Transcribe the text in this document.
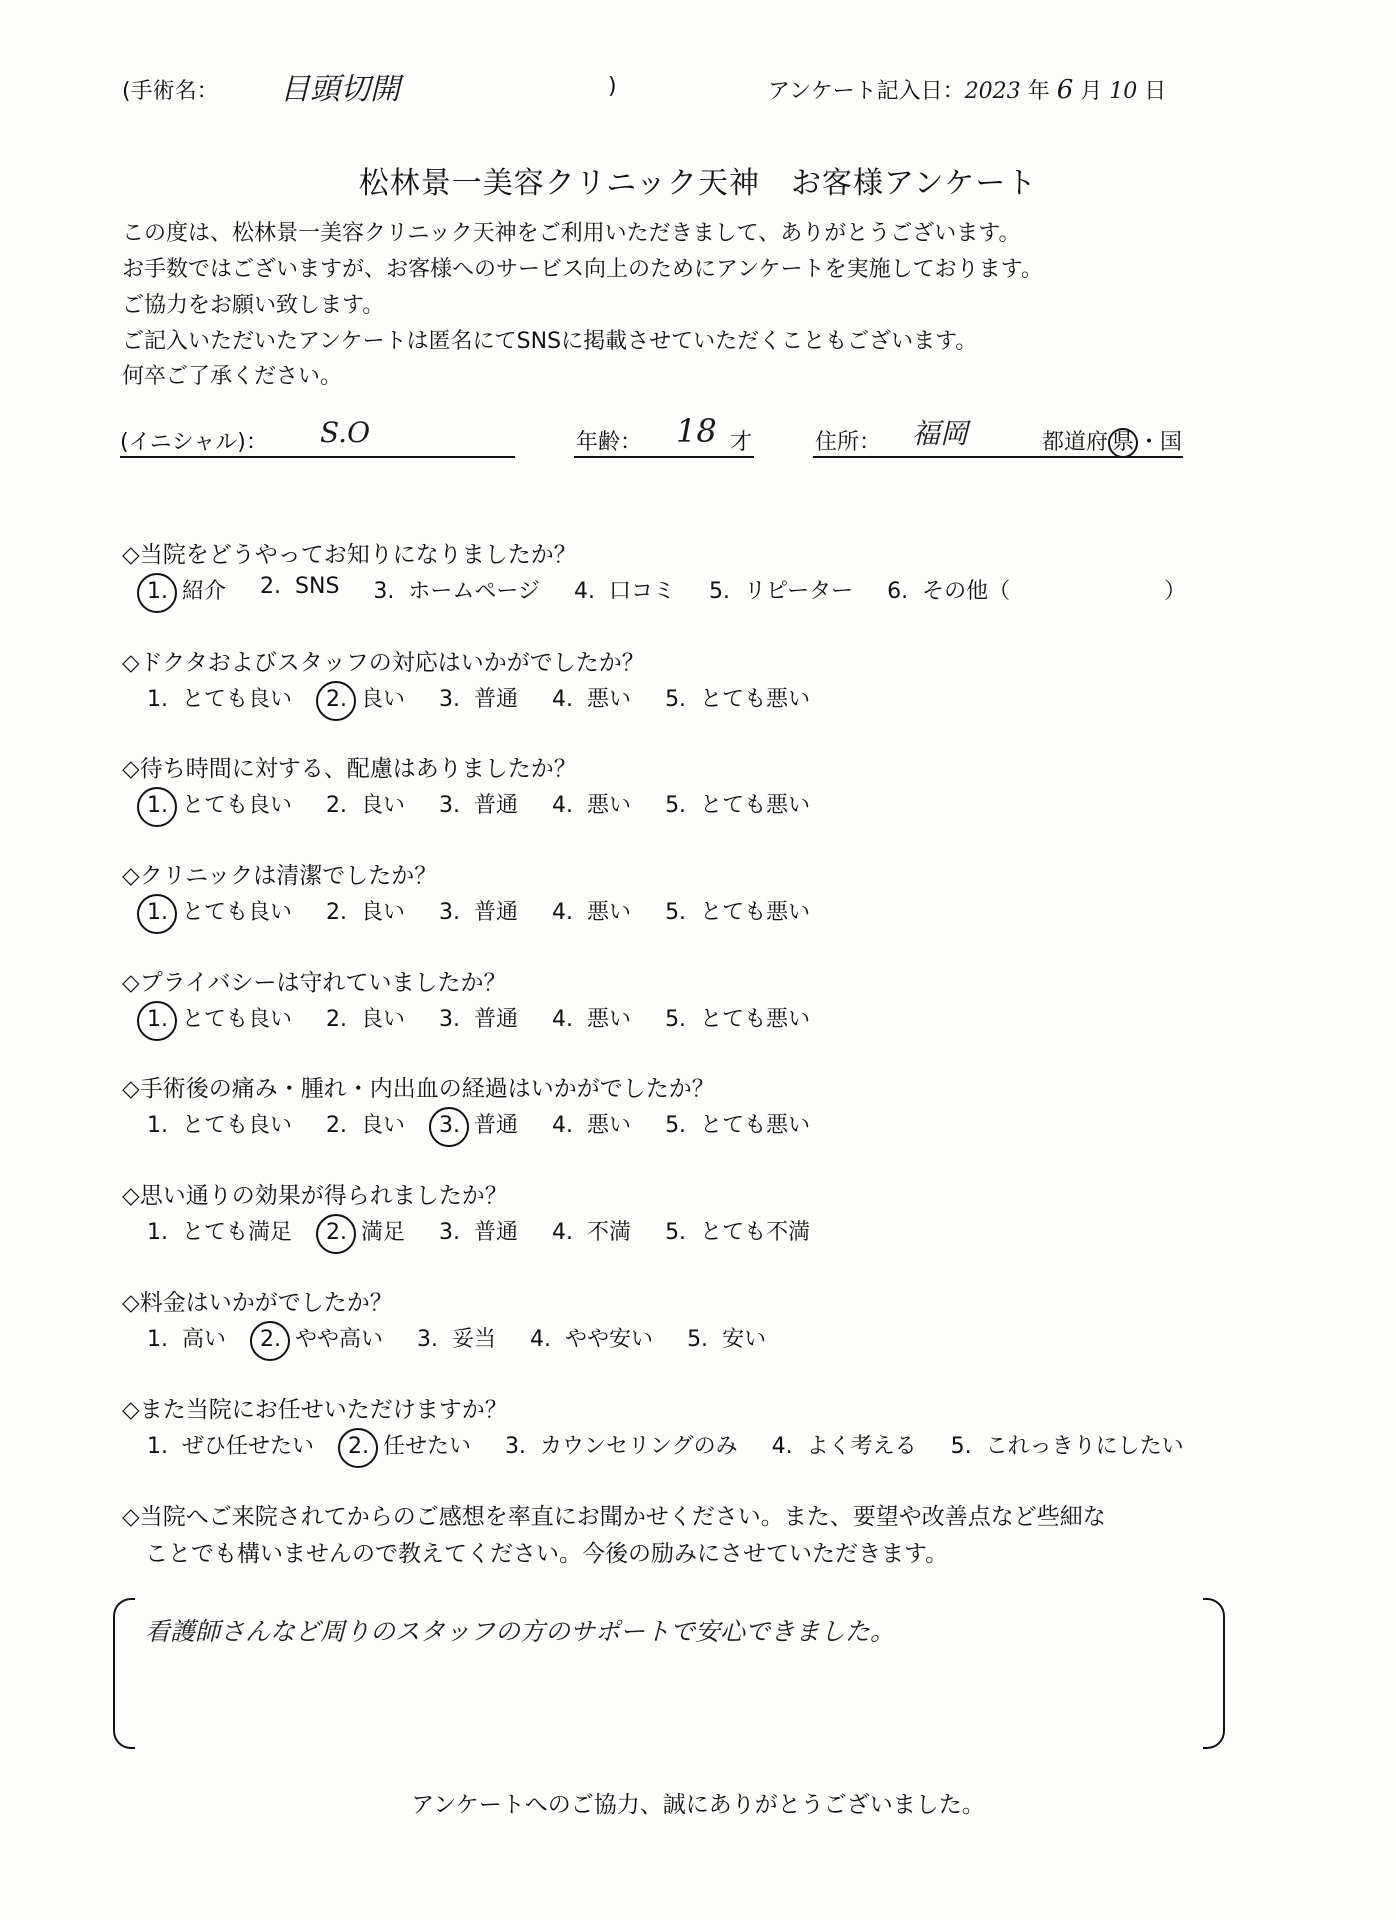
(手術名： 目頭切開	)	アンケート記入日：2023 年 6 月 10 日
松林景一美容クリニック天神　お客様アンケート
この度は、松林景一美容クリニック天神をご利用いただきまして、ありがとうございます。
お手数ではございますが、お客様へのサービス向上のためにアンケートを実施しております。
ご協力をお願い致します。
ご記入いただいたアンケートは匿名にてSNSに掲載させていただくこともございます。
何卒ご了承ください。
(イニシャル)： S.O	年齢： 18 才	住所： 福岡	都道府 県 ・国
◇当院をどうやってお知りになりましたか？
1. 紹介 2. SNS 3. ホームページ 4. 口コミ 5. リピーター 6. その他（　　　　　　　）
◇ドクタおよびスタッフの対応はいかがでしたか？
1. とても良い 2. 良い 3. 普通 4. 悪い 5. とても悪い
◇待ち時間に対する、配慮はありましたか？
1. とても良い 2. 良い 3. 普通 4. 悪い 5. とても悪い
◇クリニックは清潔でしたか？
1. とても良い 2. 良い 3. 普通 4. 悪い 5. とても悪い
◇プライバシーは守れていましたか？
1. とても良い 2. 良い 3. 普通 4. 悪い 5. とても悪い
◇手術後の痛み・腫れ・内出血の経過はいかがでしたか？
1. とても良い 2. 良い 3. 普通 4. 悪い 5. とても悪い
◇思い通りの効果が得られましたか？
1. とても満足 2. 満足 3. 普通 4. 不満 5. とても不満
◇料金はいかがでしたか？
1. 高い 2. やや高い 3. 妥当 4. やや安い 5. 安い
◇また当院にお任せいただけますか？
1. ぜひ任せたい 2. 任せたい 3. カウンセリングのみ 4. よく考える 5. これっきりにしたい
◇当院へご来院されてからのご感想を率直にお聞かせください。また、要望や改善点など些細な
　ことでも構いませんので教えてください。今後の励みにさせていただきます。
看護師さんなど周りのスタッフの方のサポートで安心できました。
アンケートへのご協力、誠にありがとうございました。
